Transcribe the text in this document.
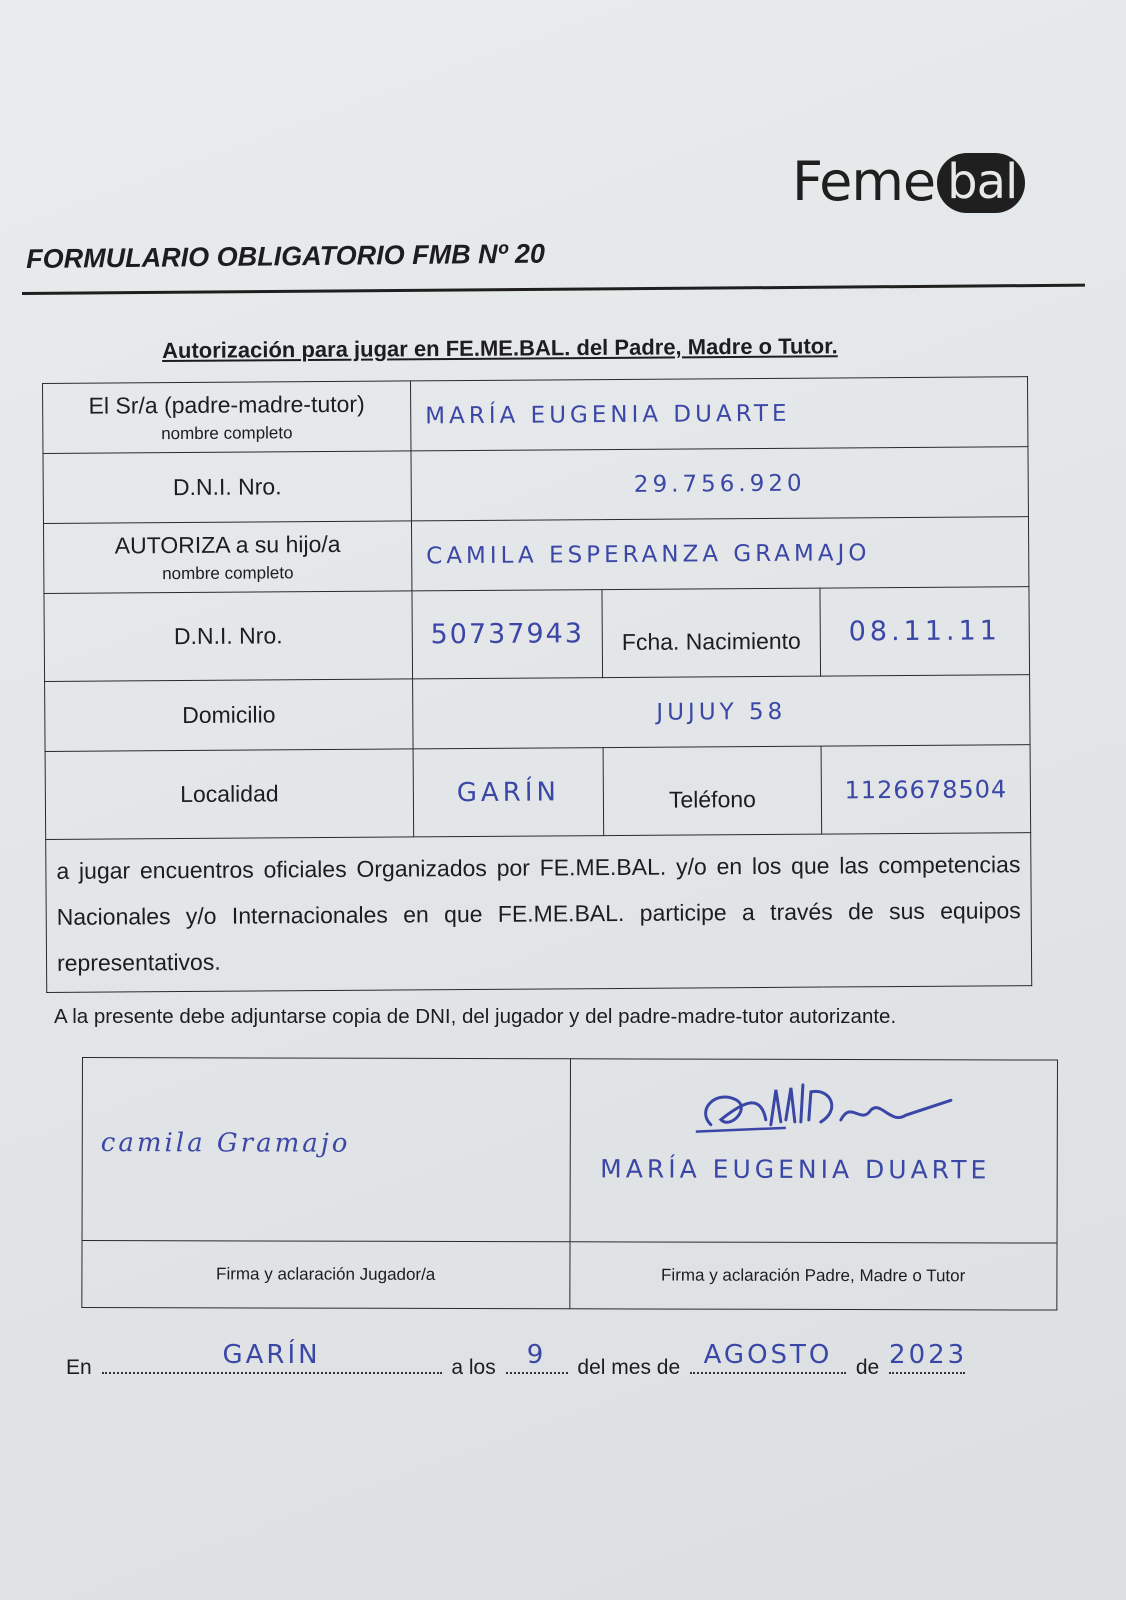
Feme bal
FORMULARIO OBLIGATORIO FMB Nº 20
Autorización para jugar en FE.ME.BAL. del Padre, Madre o Tutor.
El Sr/a (padre-madre-tutor)
nombre completo	MARÍA EUGENIA DUARTE		
D.N.I. Nro.	29.756.920		
AUTORIZA a su hijo/a
nombre completo	CAMILA ESPERANZA GRAMAJO		
D.N.I. Nro.	50737943	Fcha. Nacimiento	08.11.11
Domicilio	JUJUY 58		
Localidad	GARÍN	Teléfono	1126678504
a jugar encuentros oficiales Organizados por FE.ME.BAL. y/o en los que las competencias Nacionales y/o Internacionales en que FE.ME.BAL. participe a través de sus equipos representativos.			
A la presente debe adjuntarse copia de DNI, del jugador y del padre-madre-tutor autorizante.
camila Gramajo	MARÍA EUGENIA DUARTE

Firma y aclaración Jugador/a	Firma y aclaración Padre, Madre o Tutor
En	GARÍN	a los	9	del mes de AGOSTO	de 2023
